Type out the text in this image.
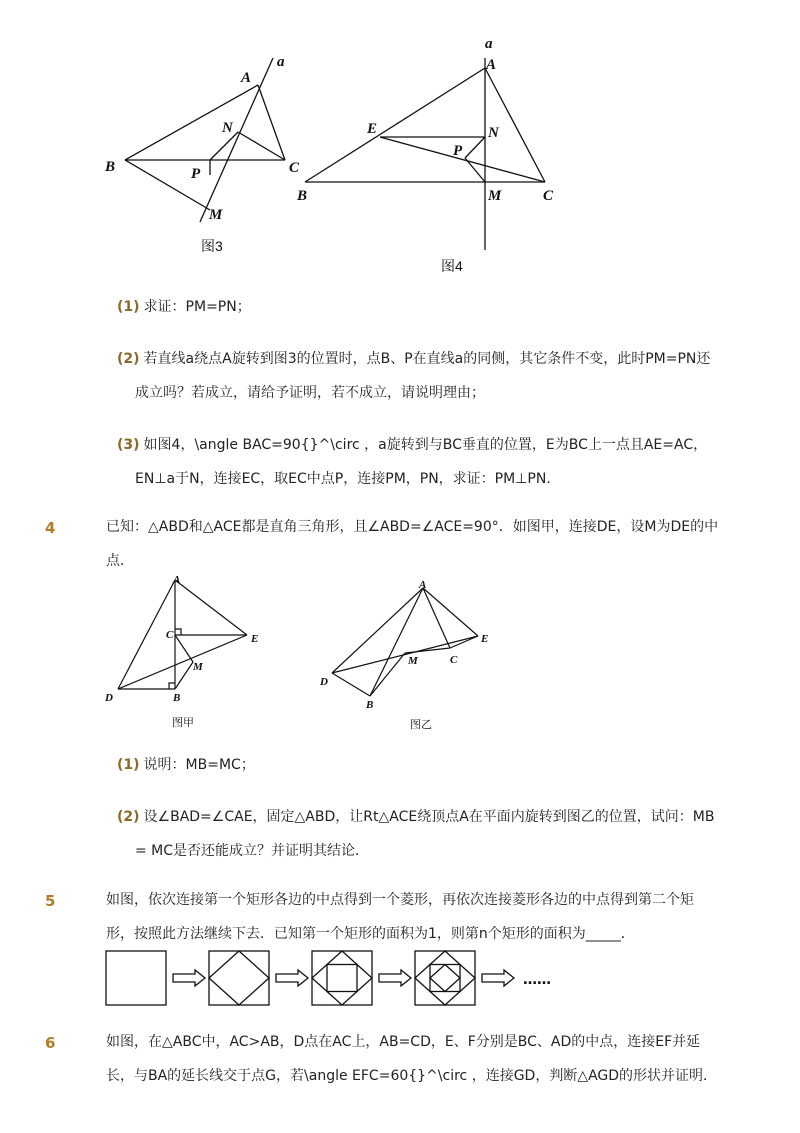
a
A
N
B	P	C
M
图3
a
A
E	N
P
B	M	C
图4
(1) 求证：PM=PN；
(2) 若直线a绕点A旋转到图3的位置时，点B、P在直线a的同侧，其它条件不变，此时PM=PN还
成立吗？若成立，请给予证明，若不成立，请说明理由；
(3) 如图4，\angle BAC=90{}^\circ ，a旋转到与BC垂直的位置，E为BC上一点且AE=AC，
EN⊥a于N，连接EC，取EC中点P，连接PM，PN，求证：PM⊥PN．
4	已知：△ABD和△ACE都是直角三角形，且∠ABD=∠ACE=90°．如图甲，连接DE，设M为DE的中
点．
A
C	E
M
D	B
图甲
A
E
M	C
D
B
图乙
(1) 说明：MB=MC；
(2) 设∠BAD=∠CAE，固定△ABD，让Rt△ACE绕顶点A在平面内旋转到图乙的位置，试问：MB
= MC是否还能成立？并证明其结论．
5	如图，依次连接第一个矩形各边的中点得到一个菱形，再依次连接菱形各边的中点得到第二个矩
形，按照此方法继续下去．已知第一个矩形的面积为1，则第n个矩形的面积为_____．
……
6	如图，在△ABC中，AC>AB，D点在AC上，AB=CD，E、F分别是BC、AD的中点，连接EF并延
长，与BA的延长线交于点G，若\angle EFC=60{}^\circ ，连接GD，判断△AGD的形状并证明．
